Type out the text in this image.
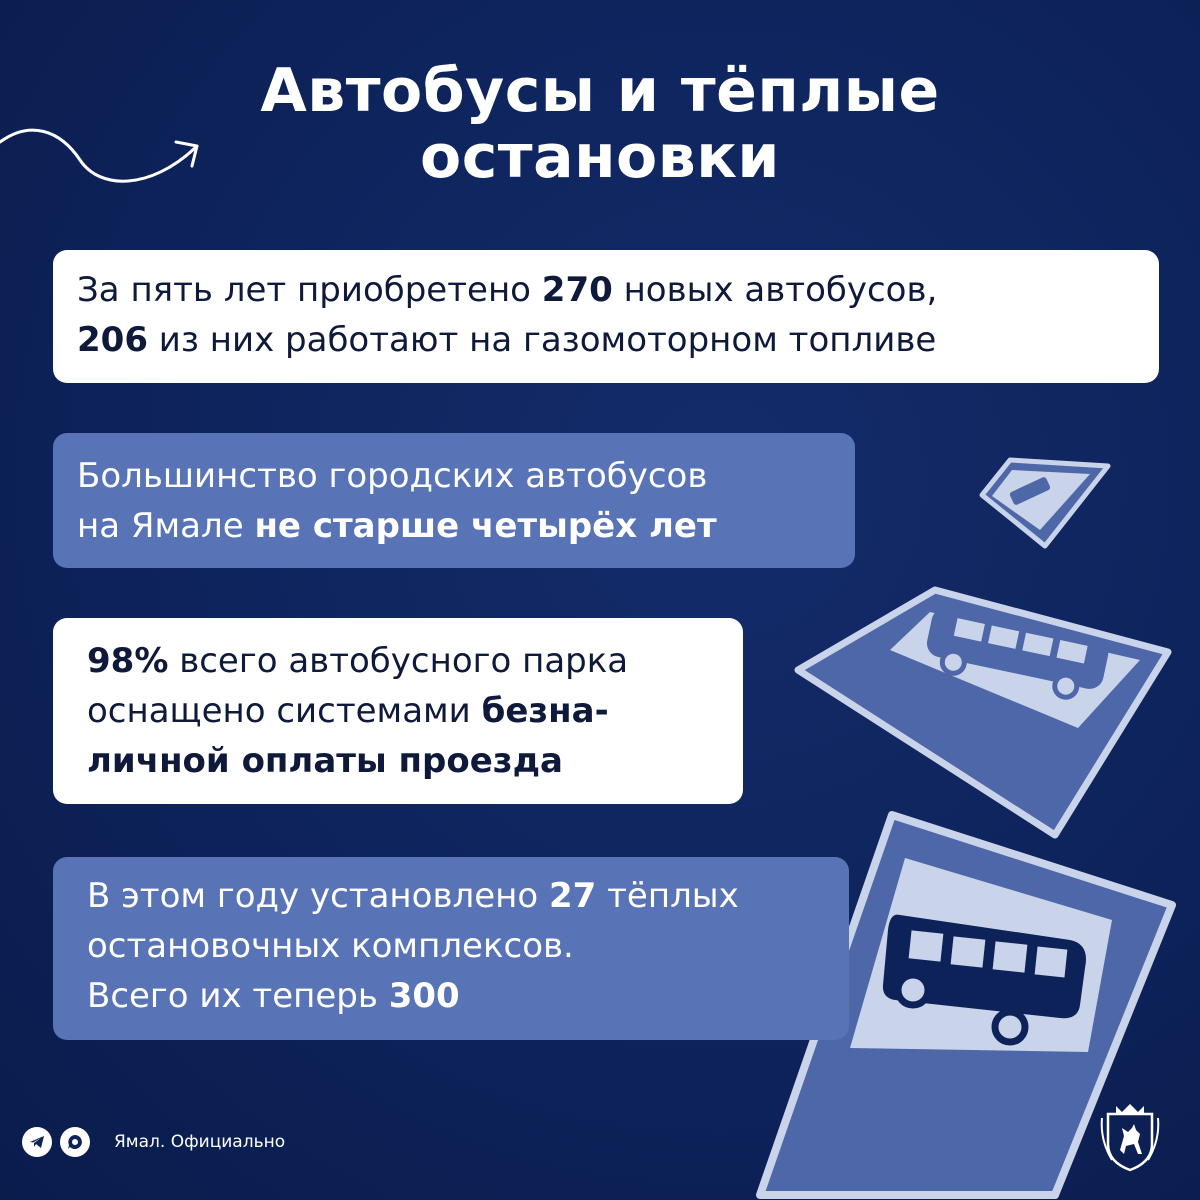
Автобусы и тёплые
остановки
За пять лет приобретено 270 новых автобусов,
206 из них работают на газомоторном топливе
Большинство городских автобусов
на Ямале не старше четырёх лет
98% всего автобусного парка
оснащено системами безна-
личной оплаты проезда
В этом году установлено 27 тёплых
остановочных комплексов.
Всего их теперь 300
Ямал. Официально
